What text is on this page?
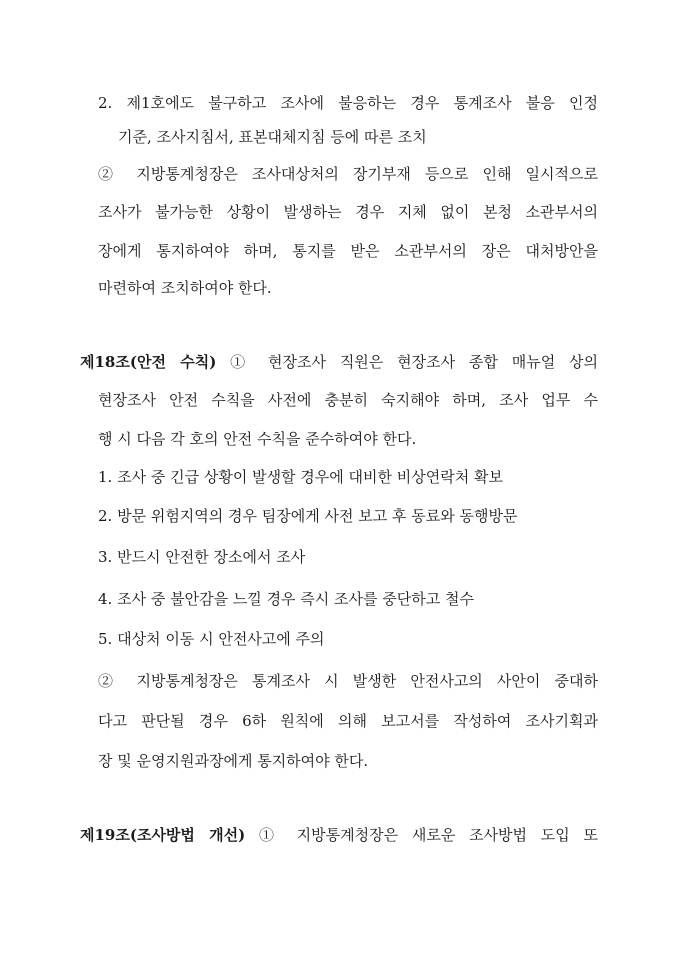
2. 제1호에도 불구하고 조사에 불응하는 경우 통계조사 불응 인정
기준, 조사지침서, 표본대체지침 등에 따른 조치
② 지방통계청장은 조사대상처의 장기부재 등으로 인해 일시적으로
조사가 불가능한 상황이 발생하는 경우 지체 없이 본청 소관부서의
장에게 통지하여야 하며, 통지를 받은 소관부서의 장은 대처방안을
마련하여 조치하여야 한다.
제18조(안전 수칙) ① 현장조사 직원은 현장조사 종합 매뉴얼 상의
현장조사 안전 수칙을 사전에 충분히 숙지해야 하며, 조사 업무 수
행 시 다음 각 호의 안전 수칙을 준수하여야 한다.
1. 조사 중 긴급 상황이 발생할 경우에 대비한 비상연락처 확보
2. 방문 위험지역의 경우 팀장에게 사전 보고 후 동료와 동행방문
3. 반드시 안전한 장소에서 조사
4. 조사 중 불안감을 느낄 경우 즉시 조사를 중단하고 철수
5. 대상처 이동 시 안전사고에 주의
② 지방통계청장은 통계조사 시 발생한 안전사고의 사안이 중대하
다고 판단될 경우 6하 원칙에 의해 보고서를 작성하여 조사기획과
장 및 운영지원과장에게 통지하여야 한다.
제19조(조사방법 개선) ① 지방통계청장은 새로운 조사방법 도입 또
